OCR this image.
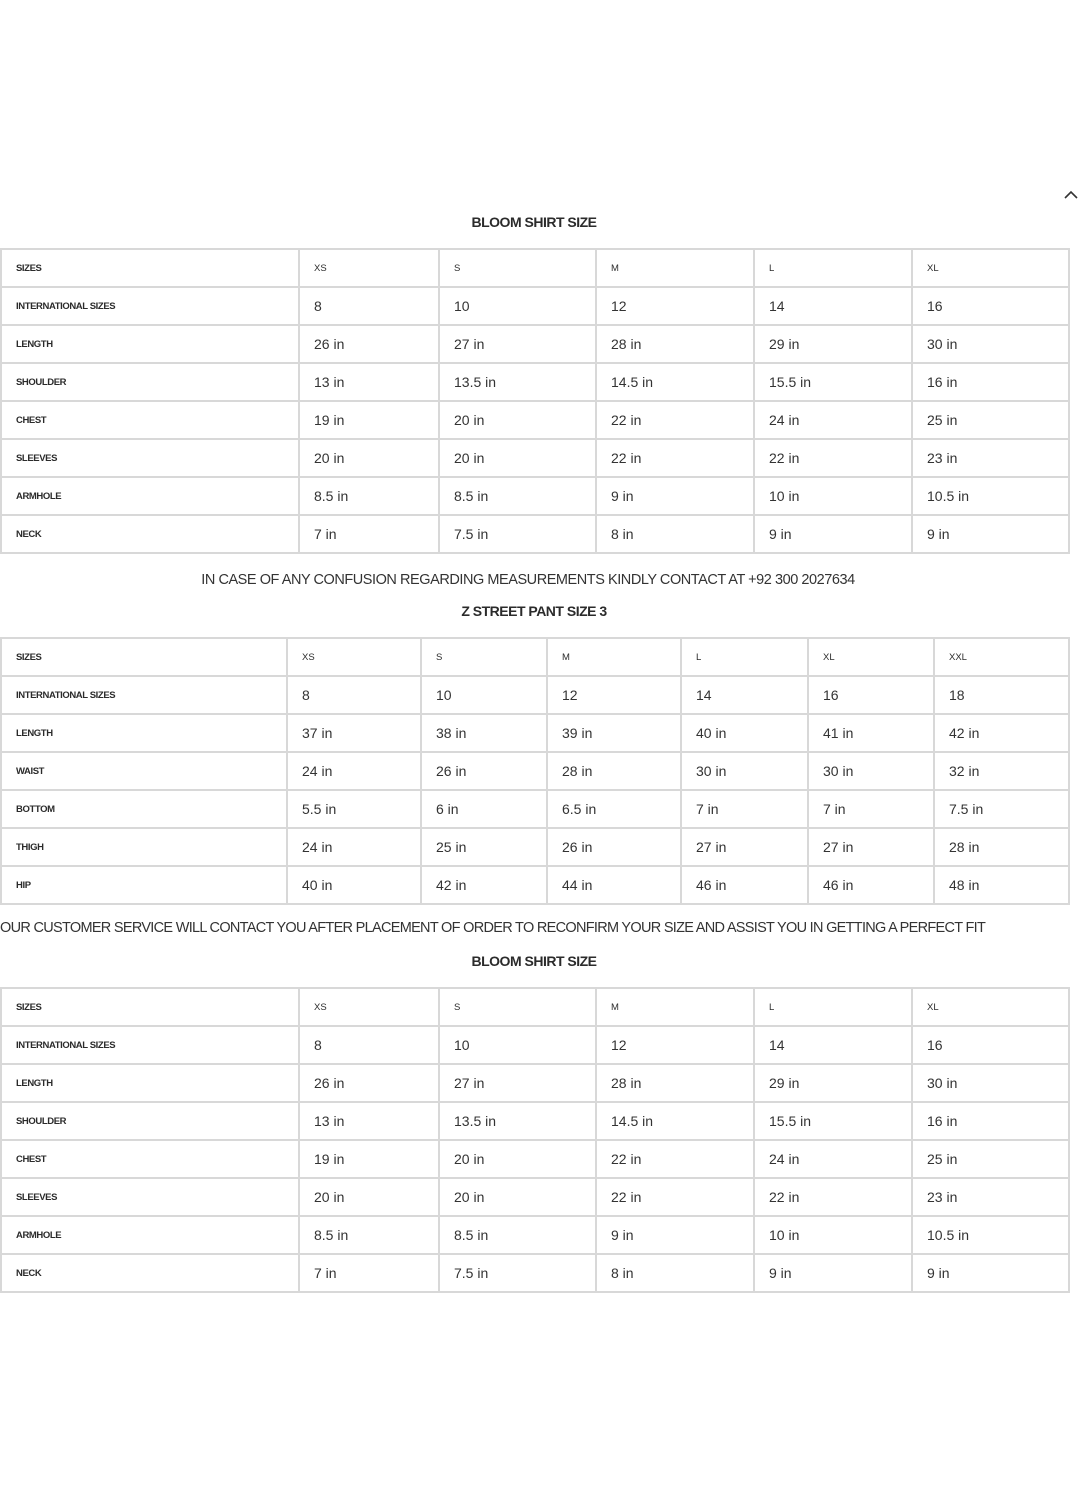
BLOOM SHIRT SIZE
SIZES	XS	S	M	L	XL
INTERNATIONAL SIZES	8	10	12	14	16
LENGTH	26 in	27 in	28 in	29 in	30 in
SHOULDER	13 in	13.5 in	14.5 in	15.5 in	16 in
CHEST	19 in	20 in	22 in	24 in	25 in
SLEEVES	20 in	20 in	22 in	22 in	23 in
ARMHOLE	8.5 in	8.5 in	9 in	10 in	10.5 in
NECK	7 in	7.5 in	8 in	9 in	9 in
IN CASE OF ANY CONFUSION REGARDING MEASUREMENTS KINDLY CONTACT AT +92 300 2027634
Z STREET PANT SIZE 3
SIZES	XS	S	M	L	XL	XXL
INTERNATIONAL SIZES	8	10	12	14	16	18
LENGTH	37 in	38 in	39 in	40 in	41 in	42 in
WAIST	24 in	26 in	28 in	30 in	30 in	32 in
BOTTOM	5.5 in	6 in	6.5 in	7 in	7 in	7.5 in
THIGH	24 in	25 in	26 in	27 in	27 in	28 in
HIP	40 in	42 in	44 in	46 in	46 in	48 in
OUR CUSTOMER SERVICE WILL CONTACT YOU AFTER PLACEMENT OF ORDER TO RECONFIRM YOUR SIZE AND ASSIST YOU IN GETTING A PERFECT FIT
BLOOM SHIRT SIZE
SIZES	XS	S	M	L	XL
INTERNATIONAL SIZES	8	10	12	14	16
LENGTH	26 in	27 in	28 in	29 in	30 in
SHOULDER	13 in	13.5 in	14.5 in	15.5 in	16 in
CHEST	19 in	20 in	22 in	24 in	25 in
SLEEVES	20 in	20 in	22 in	22 in	23 in
ARMHOLE	8.5 in	8.5 in	9 in	10 in	10.5 in
NECK	7 in	7.5 in	8 in	9 in	9 in
